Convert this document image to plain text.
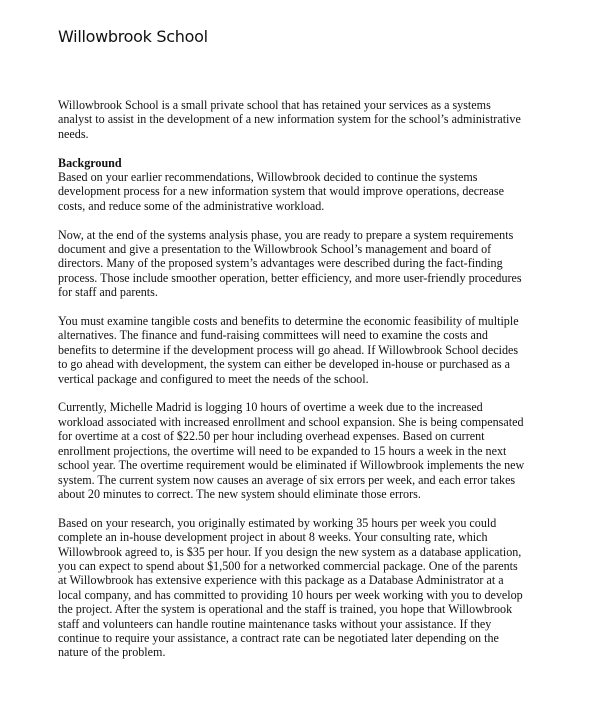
Willowbrook School

Willowbrook School is a small private school that has retained your services as a systems analyst to assist in the development of a new information system for the school’s administrative needs.

Background
Based on your earlier recommendations, Willowbrook decided to continue the systems development process for a new information system that would improve operations, decrease costs, and reduce some of the administrative workload.

Now, at the end of the systems analysis phase, you are ready to prepare a system requirements document and give a presentation to the Willowbrook School’s management and board of directors. Many of the proposed system’s advantages were described during the fact-finding process. Those include smoother operation, better efficiency, and more user-friendly procedures for staff and parents.

You must examine tangible costs and benefits to determine the economic feasibility of multiple alternatives. The finance and fund-raising committees will need to examine the costs and benefits to determine if the development process will go ahead. If Willowbrook School decides to go ahead with development, the system can either be developed in-house or purchased as a vertical package and configured to meet the needs of the school.

Currently, Michelle Madrid is logging 10 hours of overtime a week due to the increased workload associated with increased enrollment and school expansion. She is being compensated for overtime at a cost of $22.50 per hour including overhead expenses. Based on current enrollment projections, the overtime will need to be expanded to 15 hours a week in the next school year. The overtime requirement would be eliminated if Willowbrook implements the new system. The current system now causes an average of six errors per week, and each error takes about 20 minutes to correct. The new system should eliminate those errors.

Based on your research, you originally estimated by working 35 hours per week you could complete an in-house development project in about 8 weeks. Your consulting rate, which Willowbrook agreed to, is $35 per hour. If you design the new system as a database application, you can expect to spend about $1,500 for a networked commercial package. One of the parents at Willowbrook has extensive experience with this package as a Database Administrator at a local company, and has committed to providing 10 hours per week working with you to develop the project. After the system is operational and the staff is trained, you hope that Willowbrook staff and volunteers can handle routine maintenance tasks without your assistance. If they continue to require your assistance, a contract rate can be negotiated later depending on the nature of the problem.
